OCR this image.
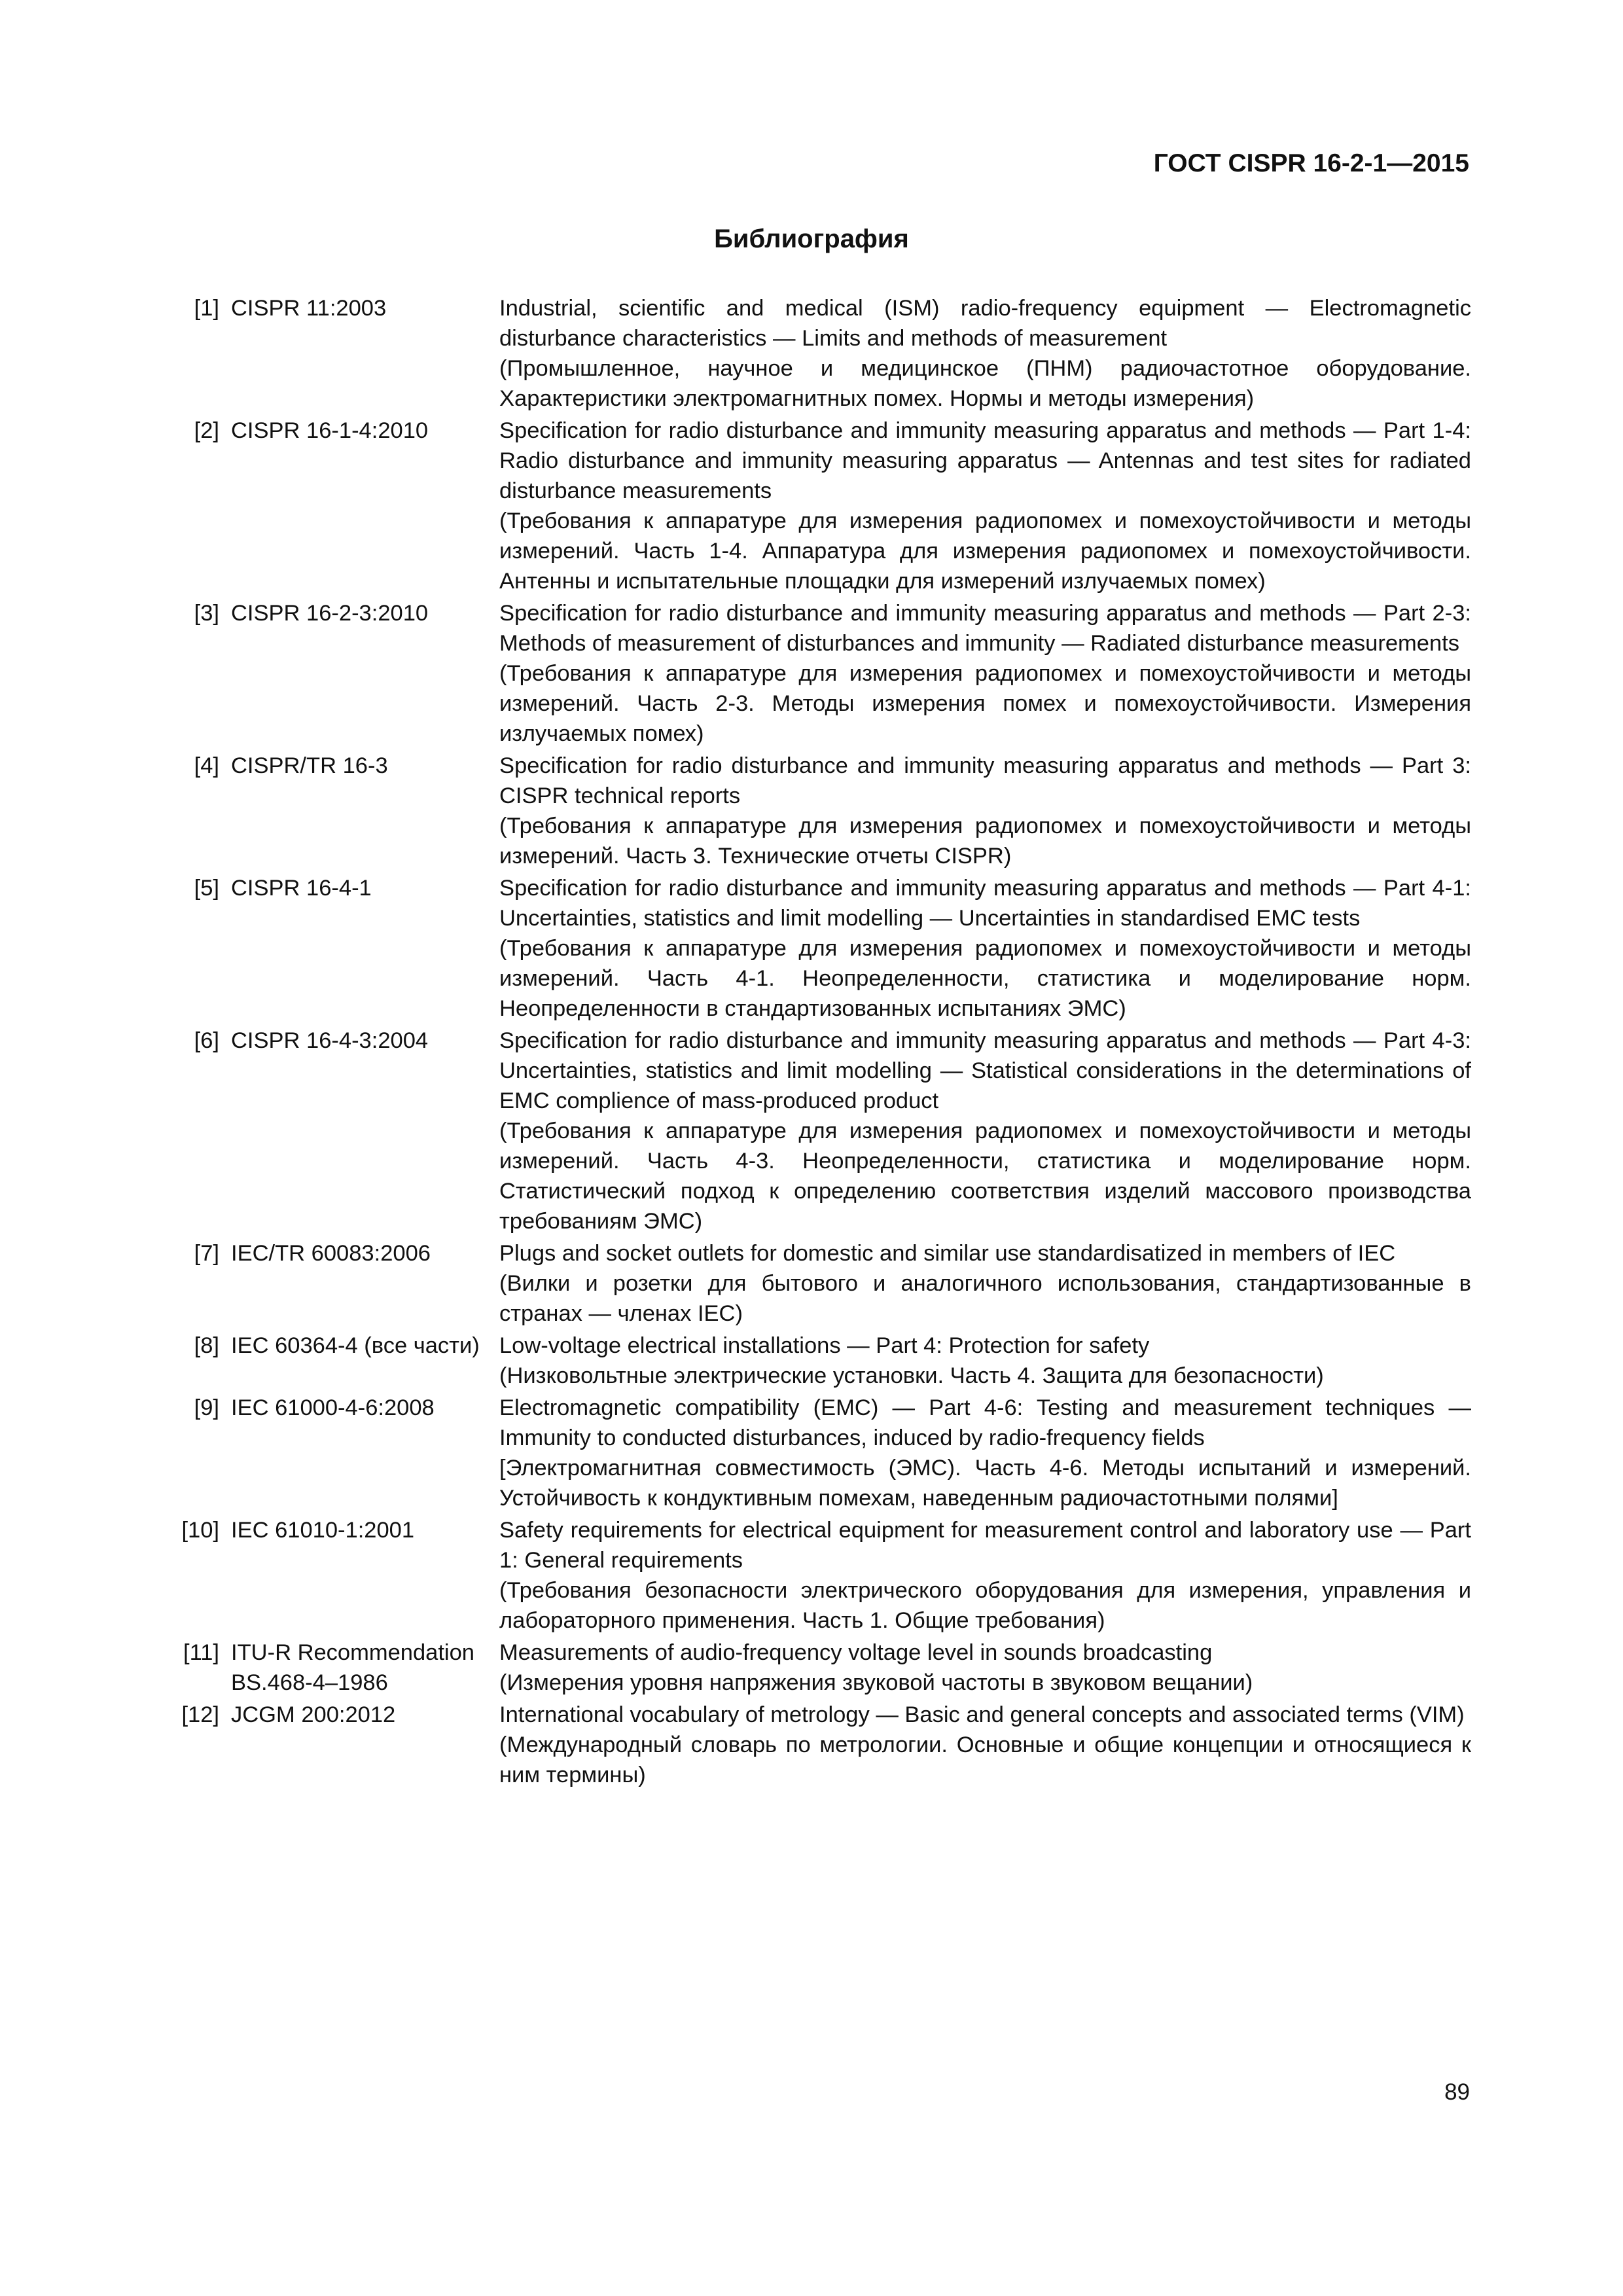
ГОСТ CISPR 16-2-1—2015

Библиография
[1]	CISPR 11:2003	Industrial, scientific and medical (ISM) radio-frequency equipment — Electromagnetic disturbance characteristics — Limits and methods of measurement
(Промышленное, научное и медицинское (ПНМ) радиочастотное оборудование. Характеристики электромагнитных помех. Нормы и методы измерения)

[2]	CISPR 16-1-4:2010	Specification for radio disturbance and immunity measuring apparatus and methods — Part 1-4: Radio disturbance and immunity measuring apparatus — Antennas and test sites for radiated disturbance measurements
(Требования к аппаратуре для измерения радиопомех и помехоустойчивости и методы измерений. Часть 1-4. Аппаратура для измерения радиопомех и помехоустойчивости. Антенны и испытательные площадки для измерений излучаемых помех)

[3]	CISPR 16-2-3:2010	Specification for radio disturbance and immunity measuring apparatus and methods — Part 2-3: Methods of measurement of disturbances and immunity — Radiated disturbance measurements
(Требования к аппаратуре для измерения радиопомех и помехоустойчивости и методы измерений. Часть 2-3. Методы измерения помех и помехоустойчивости. Измерения излучаемых помех)

[4]	CISPR/TR 16-3	Specification for radio disturbance and immunity measuring apparatus and methods — Part 3: CISPR technical reports
(Требования к аппаратуре для измерения радиопомех и помехоустойчивости и методы измерений. Часть 3. Технические отчеты CISPR)

[5]	CISPR 16-4-1	Specification for radio disturbance and immunity measuring apparatus and methods — Part 4-1: Uncertainties, statistics and limit modelling — Uncertainties in standardised EMC tests
(Требования к аппаратуре для измерения радиопомех и помехоустойчивости и методы измерений. Часть 4-1. Неопределенности, статистика и моделирование норм. Неопределенности в стандартизованных испытаниях ЭМС)

[6]	CISPR 16-4-3:2004	Specification for radio disturbance and immunity measuring apparatus and methods — Part 4-3: Uncertainties, statistics and limit modelling — Statistical considerations in the determinations of EMC complience of mass-produced product
(Требования к аппаратуре для измерения радиопомех и помехоустойчивости и методы измерений. Часть 4-3. Неопределенности, статистика и моделирование норм. Статистический подход к определению соответствия изделий массового производства требованиям ЭМС)

[7]	IEC/TR 60083:2006	Plugs and socket outlets for domestic and similar use standardisatized in members of IEC
(Вилки и розетки для бытового и аналогичного использования, стандартизованные в странах — членах IEC)

[8]	IEC 60364-4 (все части)	Low-voltage electrical installations — Part 4: Protection for safety
(Низковольтные электрические установки. Часть 4. Защита для безопасности)

[9]	IEC 61000-4-6:2008	Electromagnetic compatibility (EMC) — Part 4-6: Testing and measurement techniques — Immunity to conducted disturbances, induced by radio-frequency fields
[Электромагнитная совместимость (ЭМС). Часть 4-6. Методы испытаний и измерений. Устойчивость к кондуктивным помехам, наведенным радиочастотными полями]

[10]	IEC 61010-1:2001	Safety requirements for electrical equipment for measurement control and laboratory use — Part 1: General requirements
(Требования безопасности электрического оборудования для измерения, управления и лабораторного применения. Часть 1. Общие требования)

[11]	ITU-R Recommendation BS.468-4–1986	Measurements of audio-frequency voltage level in sounds broadcasting
(Измерения уровня напряжения звуковой частоты в звуковом вещании)

[12]	JCGM 200:2012	International vocabulary of metrology — Basic and general concepts and associated terms (VIM)
(Международный словарь по метрологии. Основные и общие концепции и относящиеся к ним термины)

89
